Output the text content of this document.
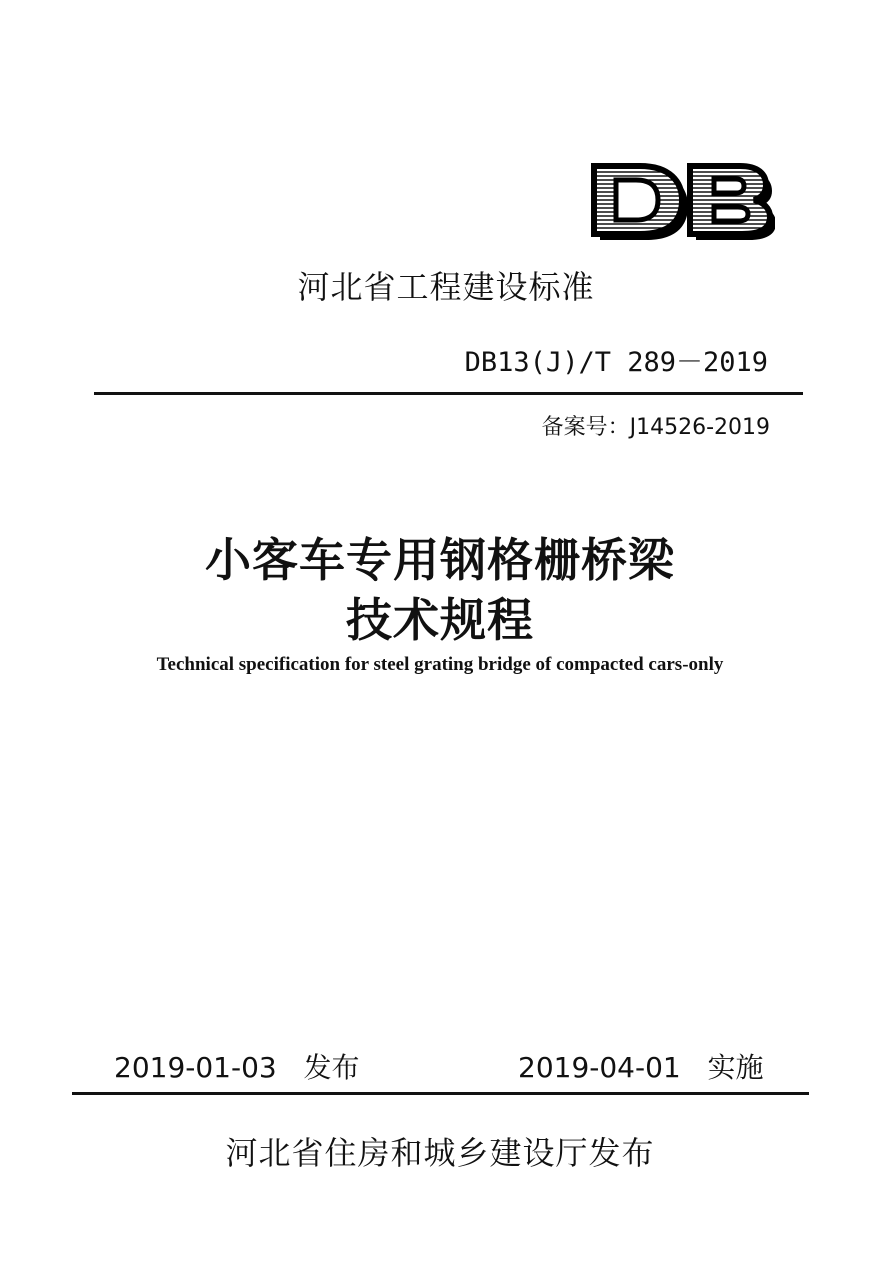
河北省工程建设标准
DB13(J)/T 289－2019
备案号：J14526-2019
小客车专用钢格栅桥梁
技术规程
Technical specification for steel grating bridge of compacted cars-only
2019-01-03 发布	2019-04-01 实施
河北省住房和城乡建设厅发布
